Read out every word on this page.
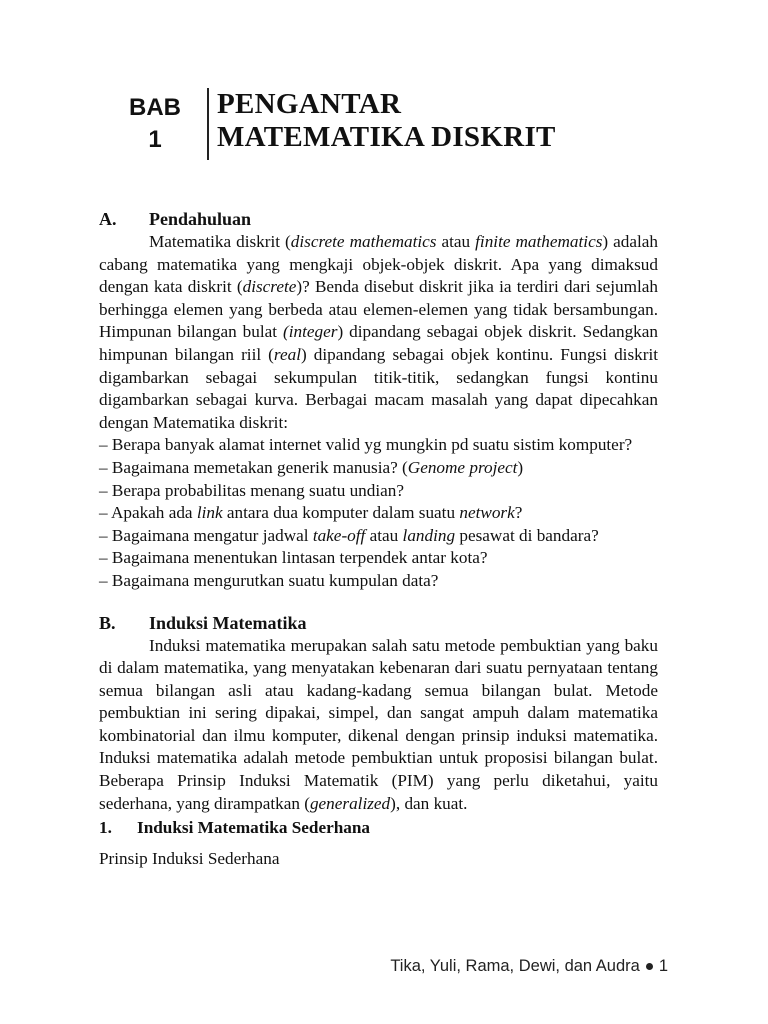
BAB
1
PENGANTAR
MATEMATIKA DISKRIT
A.	Pendahuluan

Matematika diskrit (discrete mathematics atau finite mathematics) adalah cabang matematika yang mengkaji objek-objek diskrit. Apa yang dimaksud dengan kata diskrit (discrete)? Benda disebut diskrit jika ia terdiri dari sejumlah berhingga elemen yang berbeda atau elemen-elemen yang tidak bersambungan. Himpunan bilangan bulat (integer) dipandang sebagai objek diskrit. Sedangkan himpunan bilangan riil (real) dipandang sebagai objek kontinu. Fungsi diskrit digambarkan sebagai sekumpulan titik-titik, sedangkan fungsi kontinu digambarkan sebagai kurva. Berbagai macam masalah yang dapat dipecahkan dengan Matematika diskrit:

– Berapa banyak alamat internet valid yg mungkin pd suatu sistim komputer?

– Bagaimana memetakan generik manusia? (Genome project)

– Berapa probabilitas menang suatu undian?

– Apakah ada link antara dua komputer dalam suatu network?

– Bagaimana mengatur jadwal take-off atau landing pesawat di bandara?

– Bagaimana menentukan lintasan terpendek antar kota?

– Bagaimana mengurutkan suatu kumpulan data?

B.	Induksi Matematika

Induksi matematika merupakan salah satu metode pembuktian yang baku di dalam matematika, yang menyatakan kebenaran dari suatu pernyataan tentang semua bilangan asli atau kadang-kadang semua bilangan bulat. Metode pembuktian ini sering dipakai, simpel, dan sangat ampuh dalam matematika kombinatorial dan ilmu komputer, dikenal dengan prinsip induksi matematika. Induksi matematika adalah metode pembuktian untuk proposisi bilangan bulat. Beberapa Prinsip Induksi Matematik (PIM) yang perlu diketahui, yaitu sederhana, yang dirampatkan (generalized), dan kuat.

1.	Induksi Matematika Sederhana

Prinsip Induksi Sederhana

Tika, Yuli, Rama, Dewi, dan Audra 1
